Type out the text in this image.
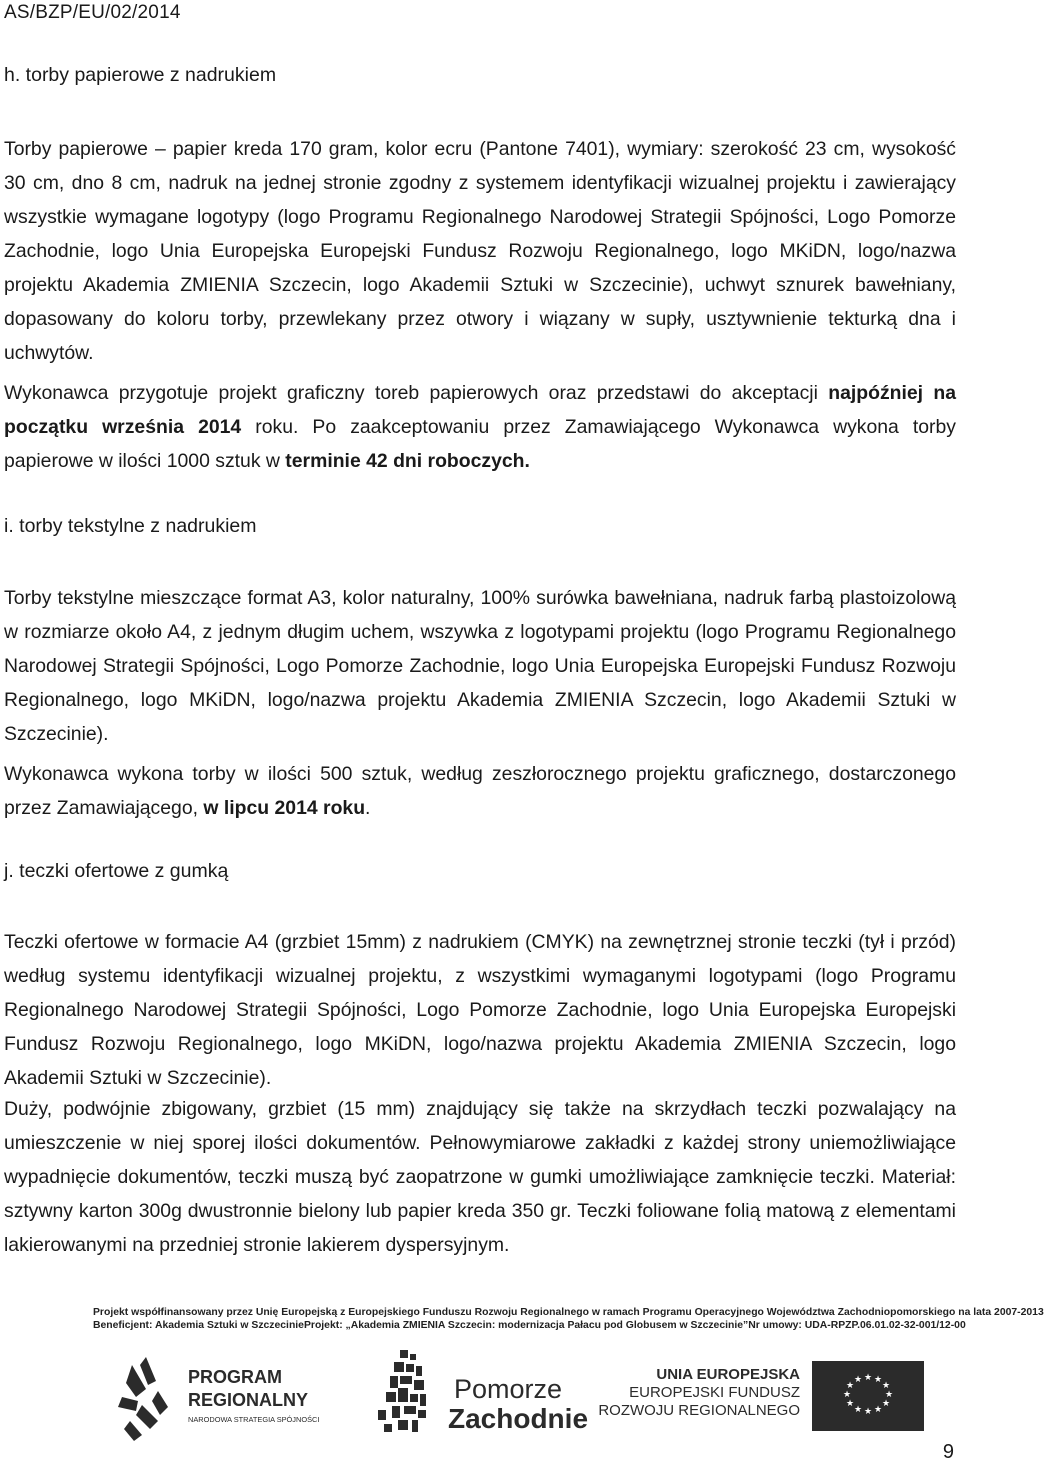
AS/BZP/EU/02/2014
h. torby papierowe z nadrukiem

Torby papierowe – papier kreda 170 gram, kolor ecru (Pantone 7401), wymiary: szerokość 23 cm, wysokość 30 cm, dno 8 cm, nadruk na jednej stronie zgodny z systemem identyfikacji wizualnej projektu i zawierający wszystkie wymagane logotypy (logo Programu Regionalnego Narodowej Strategii Spójności, Logo Pomorze Zachodnie, logo Unia Europejska Europejski Fundusz Rozwoju Regionalnego, logo MKiDN, logo/nazwa projektu Akademia ZMIENIA Szczecin, logo Akademii Sztuki w Szczecinie), uchwyt sznurek bawełniany, dopasowany do koloru torby, przewlekany przez otwory i wiązany w supły, usztywnienie tekturką dna i uchwytów.

Wykonawca przygotuje projekt graficzny toreb papierowych oraz przedstawi do akceptacji najpóźniej na początku września 2014 roku. Po zaakceptowaniu przez Zamawiającego Wykonawca wykona torby papierowe w ilości 1000 sztuk w terminie 42 dni roboczych.

i. torby tekstylne z nadrukiem

Torby tekstylne mieszczące format A3, kolor naturalny, 100% surówka bawełniana, nadruk farbą plastoizolową w rozmiarze około A4, z jednym długim uchem, wszywka z logotypami projektu (logo Programu Regionalnego Narodowej Strategii Spójności, Logo Pomorze Zachodnie, logo Unia Europejska Europejski Fundusz Rozwoju Regionalnego, logo MKiDN, logo/nazwa projektu Akademia ZMIENIA Szczecin, logo Akademii Sztuki w Szczecinie).

Wykonawca wykona torby w ilości 500 sztuk, według zeszłorocznego projektu graficznego, dostarczonego przez Zamawiającego, w lipcu 2014 roku.

j. teczki ofertowe z gumką

Teczki ofertowe w formacie A4 (grzbiet 15mm) z nadrukiem (CMYK) na zewnętrznej stronie teczki (tył i przód) według systemu identyfikacji wizualnej projektu, z wszystkimi wymaganymi logotypami (logo Programu Regionalnego Narodowej Strategii Spójności, Logo Pomorze Zachodnie, logo Unia Europejska Europejski Fundusz Rozwoju Regionalnego, logo MKiDN, logo/nazwa projektu Akademia ZMIENIA Szczecin, logo Akademii Sztuki w Szczecinie).

Duży, podwójnie zbigowany, grzbiet (15 mm) znajdujący się także na skrzydłach teczki pozwalający na umieszczenie w niej sporej ilości dokumentów. Pełnowymiarowe zakładki z każdej strony uniemożliwiające wypadnięcie dokumentów, teczki muszą być zaopatrzone w gumki umożliwiające zamknięcie teczki. Materiał: sztywny karton 300g dwustronnie bielony lub papier kreda 350 gr. Teczki foliowane folią matową z elementami lakierowanymi na przedniej stronie lakierem dyspersyjnym.

Projekt współfinansowany przez Unię Europejską z Europejskiego Funduszu Rozwoju Regionalnego w ramach Programu Operacyjnego Województwa Zachodniopomorskiego na lata 2007-2013
Beneficjent: Akademia Sztuki w Szczecinie Projekt: „Akademia ZMIENIA Szczecin: modernizacja Pałacu pod Globusem w Szczecinie” Nr umowy: UDA-RPZP.06.01.02-32-001/12-00
PROGRAM
REGIONALNY
NARODOWA STRATEGIA SPÓJNOŚCI
Pomorze
Zachodnie
UNIA EUROPEJSKA
EUROPEJSKI FUNDUSZ
ROZWOJU REGIONALNEGO
★ ★
★
★
★
★
★
★
★
★
★
★
9
